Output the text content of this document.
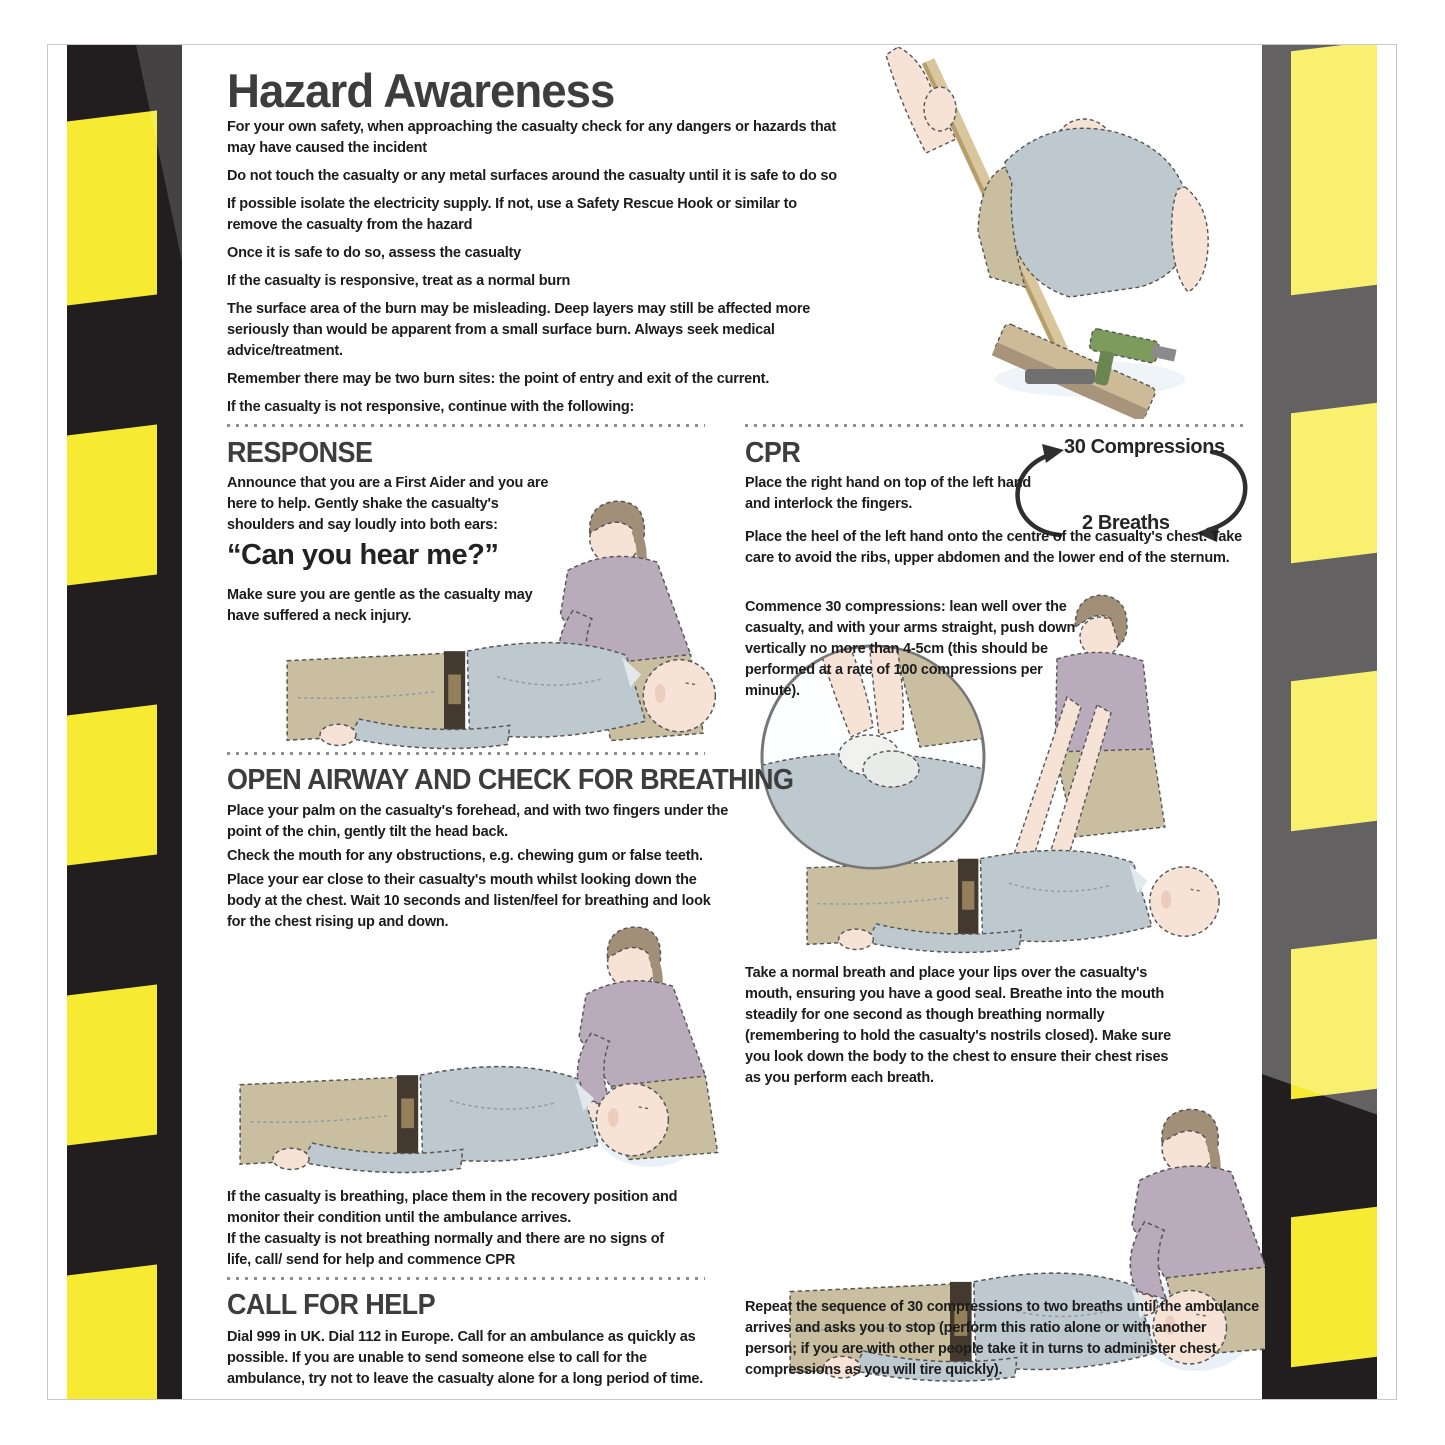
Hazard Awareness

For your own safety, when approaching the casualty check for any dangers or hazards that may have caused the incident

Do not touch the casualty or any metal surfaces around the casualty until it is safe to do so

If possible isolate the electricity supply. If not, use a Safety Rescue Hook or similar to remove the casualty from the hazard

Once it is safe to do so, assess the casualty

If the casualty is responsive, treat as a normal burn

The surface area of the burn may be misleading. Deep layers may still be affected more seriously than would be apparent from a small surface burn. Always seek medical advice/treatment.

Remember there may be two burn sites: the point of entry and exit of the current.

If the casualty is not responsive, continue with the following:

RESPONSE
Announce that you are a First Aider and you are here to help. Gently shake the casualty's shoulders and say loudly into both ears:
“Can you hear me?”
Make sure you are gentle as the casualty may have suffered a neck injury.
CPR	30 Compressions
2 Breaths
Place the right hand on top of the left hand and interlock the fingers.
Place the heel of the left hand onto the centre of the casualty's chest. Take care to avoid the ribs, upper abdomen and the lower end of the sternum.
Commence 30 compressions: lean well over the casualty, and with your arms straight, push down vertically no more than 4-5cm (this should be performed at a rate of 100 compressions per minute).
OPEN AIRWAY AND CHECK FOR BREATHING

Place your palm on the casualty's forehead, and with two fingers under the point of the chin, gently tilt the head back.

Check the mouth for any obstructions, e.g. chewing gum or false teeth.

Place your ear close to their casualty's mouth whilst looking down the body at the chest. Wait 10 seconds and listen/feel for breathing and look for the chest rising up and down.

If the casualty is breathing, place them in the recovery position and monitor their condition until the ambulance arrives.

If the casualty is not breathing normally and there are no signs of life, call/ send for help and commence CPR

Take a normal breath and place your lips over the casualty's mouth, ensuring you have a good seal. Breathe into the mouth steadily for one second as though breathing normally (remembering to hold the casualty's nostrils closed). Make sure you look down the body to the chest to ensure their chest rises as you perform each breath.
Repeat the sequence of 30 compressions to two breaths until the ambulance arrives and asks you to stop (perform this ratio alone or with another person; if you are with other people take it in turns to administer chest compressions as you will tire quickly).
CALL FOR HELP
Dial 999 in UK. Dial 112 in Europe. Call for an ambulance as quickly as possible. If you are unable to send someone else to call for the ambulance, try not to leave the casualty alone for a long period of time.
